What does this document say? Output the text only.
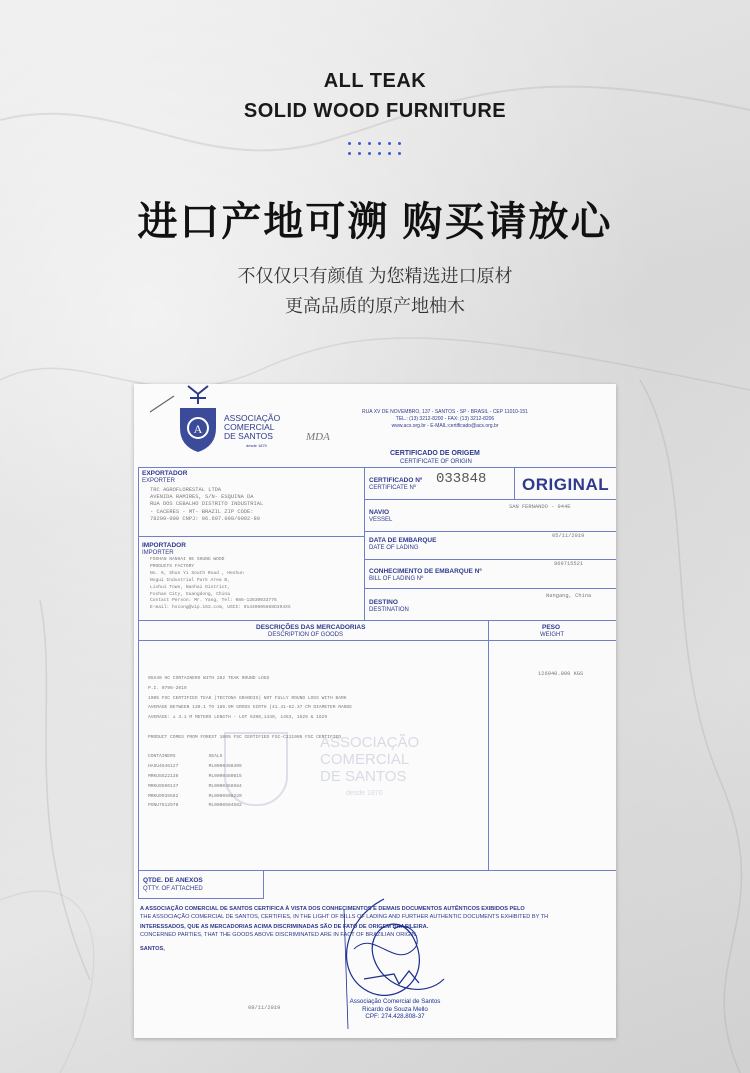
ALL TEAK
SOLID WOOD FURNITURE
进口产地可溯 购买请放心
不仅仅只有颜值 为您精选进口原材
更高品质的原产地柚木
A
ASSOCIAÇÃO
COMERCIAL
DE SANTOS
desde 1870
RUA XV DE NOVEMBRO, 137 - SANTOS - SP - BRASIL - CEP 11010-151
TEL.: (13) 3212-8200 - FAX: (13) 3212-8206
www.acs.org.br - E-MAIL:certificado@acs.org.br
MDA
CERTIFICADO DE ORIGEM
CERTIFICATE OF ORIGIN
EXPORTADOR
EXPORTER
TRC AGROFLORESTAL LTDA
AVENIDA RAMIRES, S/N- ESQUINA DA
RUA DOS CEBALHO DISTRITO INDUSTRIAL
- CACERES - MT- BRAZIL ZIP CODE:
78200-000 CNPJ: 06.697.090/0002-89
IMPORTADOR
IMPORTER
FOSHAN NANHAI HE SHUNG WOOD
PRODUCTS FACTORY
No. 6, Shun Yi South Road , Heshun
Nogui Industrial Park Area B,
Lishui Town, Nanhai District,
Foshan City, Guangdong, China
Contact Person: Mr. Yang, Tel: 086-13830033776
E-mail: hscong@vip.163.com, USCI: 91440605668D394XX
CERTIFICADO Nº
CERTIFICATE Nº
033848 ORIGINAL
NAVIO
VESSEL
SAN FERNANDO - 944E
DATA DE EMBARQUE
DATE OF LADING
05/11/2019
CONHECIMENTO DE EMBARQUE Nº
BILL OF LADING Nº
969715521
DESTINO
DESTINATION
Nangang, China
DESCRIÇÕES DAS MERCADORIAS
DESCRIPTION OF GOODS
PESO
WEIGHT
126940.000 KGS
05X40 HC CONTAINERS WITH 282 TEAK ROUND LOGS
P.I. 0796-2019
100% FSC CERTIFIED TEAK (TECTONA GRANDIS) NOT FULLY ROUND LOGS WITH BARK
AVERAGE BETWEEN 130.1 TO 186.9M GROSS GIRTH (41.41-62.37 CM DIAMETER RANGE
AVERAGE: ± 3.1 M METERS LENGTH - LOT 6390,1440, 1453, 1629 & 1629
PRODUCT COMES FROM FOREST 100% FSC CERTIFIED FSC-C111905 FSC CERTIFIED
CONTAINERS            SEALS
HASU4546127           ML0000498409
MRKU5522136           ML0000480815
MRKU9590137           ML0000458584
MRKU9935582           ML0000508220
PONU7512970           ML0000504582
ASSOCIAÇÃO
COMERCIAL
DE SANTOS
desde 1870
QTDE. DE ANEXOS
QTTY. OF ATTACHED
A ASSOCIAÇÃO COMERCIAL DE SANTOS CERTIFICA À VISTA DOS CONHECIMENTOS E DEMAIS DOCUMENTOS AUTÊNTICOS EXIBIDOS PELO
THE ASSOCIAÇÃO COMERCIAL DE SANTOS, CERTIFIES, IN THE LIGHT OF BILLS OF LADING AND FURTHER AUTHENTIC DOCUMENTS EXHIBITED BY TH
INTERESSADOS, QUE AS MERCADORIAS ACIMA DISCRIMINADAS SÃO DE FATO DE ORIGEM BRASILEIRA.
CONCERNED PARTIES, THAT THE GOODS ABOVE DISCRIMINATED ARE IN FACT OF BRAZILIAN ORIGIN.
SANTOS,
08/11/2019
Associação Comercial de Santos
Ricardo de Souza Mello
CPF: 274.428.808-37
